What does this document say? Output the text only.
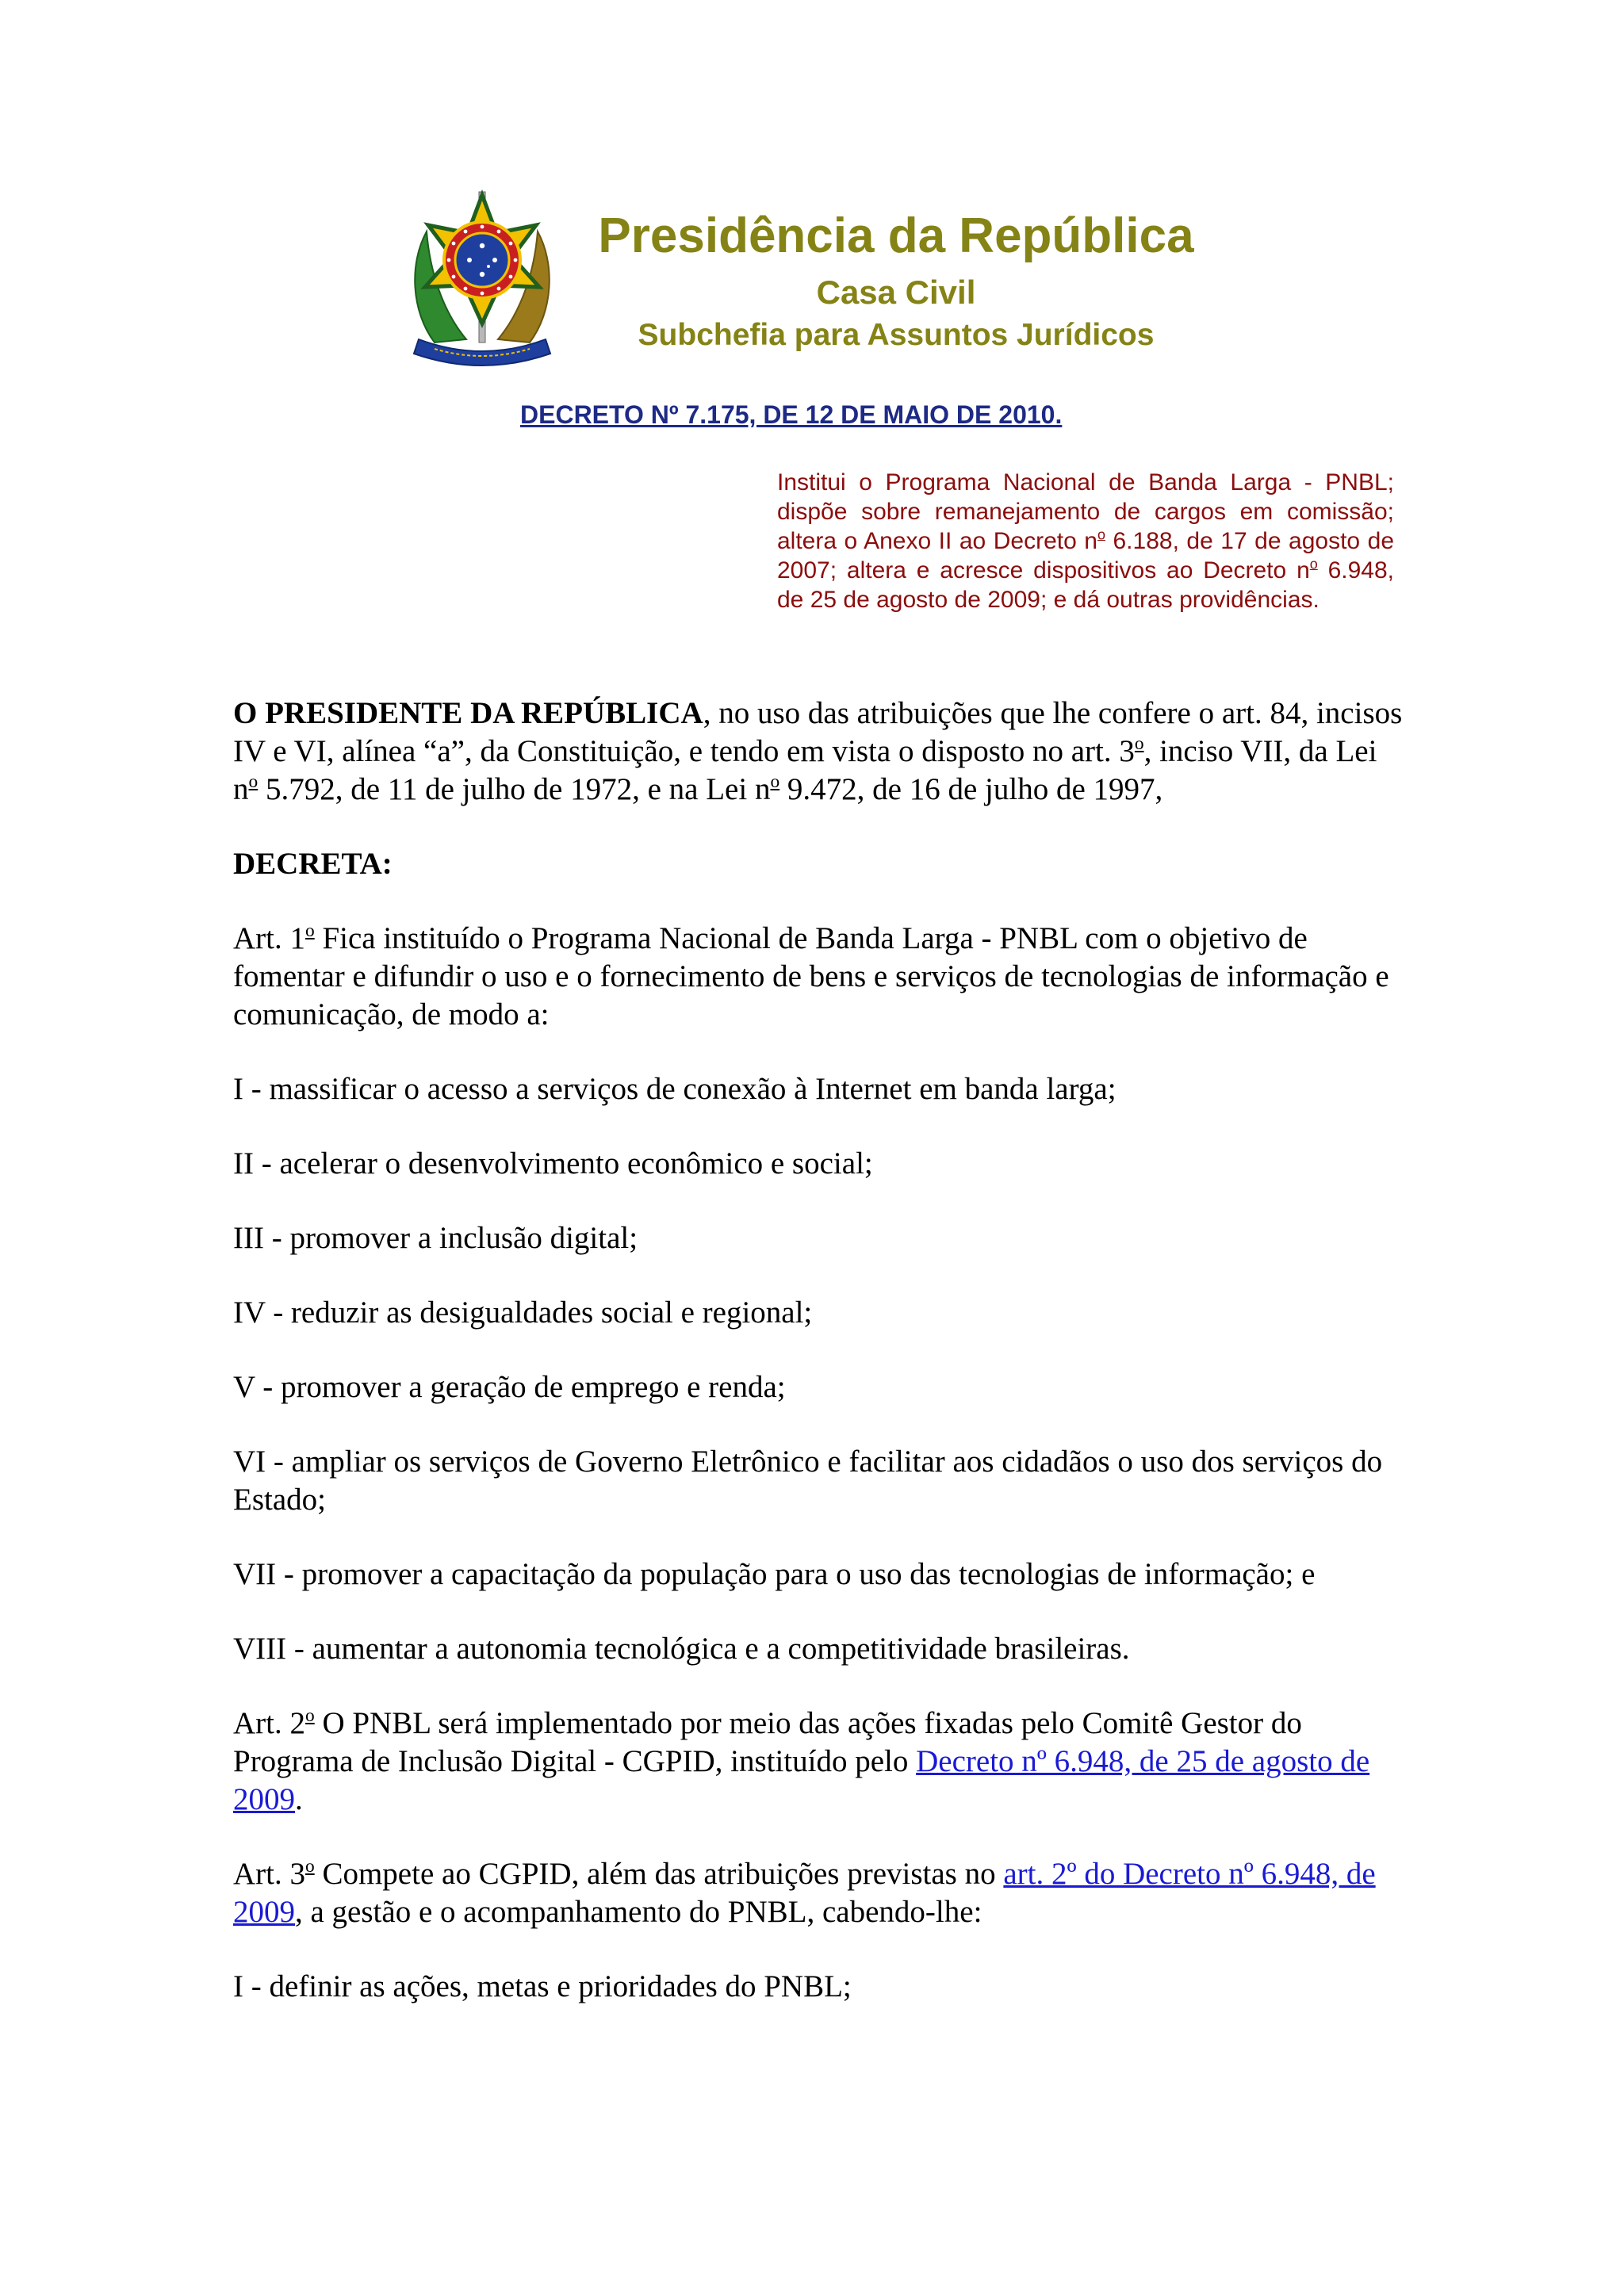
Presidência da República

Casa Civil

Subchefia para Assuntos Jurídicos

DECRETO Nº 7.175, DE 12 DE MAIO DE 2010.
Institui o Programa Nacional de Banda Larga - PNBL; dispõe sobre remanejamento de cargos em comissão; altera o Anexo II ao Decreto $n^o$ 6.188, de 17 de agosto de 2007; altera e acresce dispositivos ao Decreto $n^o$ 6.948, de 25 de agosto de 2009; e dá outras providências.

O PRESIDENTE DA REPÚBLICA, no uso das atribuições que lhe confere o art. 84, incisos IV e VI, alínea “a”, da Constituição, e tendo em vista o disposto no art. 3$^o$, inciso VII, da Lei $n^o$ 5.792, de 11 de julho de 1972, e na Lei $n^o$ 9.472, de 16 de julho de 1997,

DECRETA:

Art. 1$^o$ Fica instituído o Programa Nacional de Banda Larga - PNBL com o objetivo de fomentar e difundir o uso e o fornecimento de bens e serviços de tecnologias de informação e comunicação, de modo a:

I - massificar o acesso a serviços de conexão à Internet em banda larga;

II - acelerar o desenvolvimento econômico e social;

III - promover a inclusão digital;

IV - reduzir as desigualdades social e regional;

V - promover a geração de emprego e renda;

VI - ampliar os serviços de Governo Eletrônico e facilitar aos cidadãos o uso dos serviços do Estado;

VII - promover a capacitação da população para o uso das tecnologias de informação; e

VIII - aumentar a autonomia tecnológica e a competitividade brasileiras.

Art. 2$^o$ O PNBL será implementado por meio das ações fixadas pelo Comitê Gestor do Programa de Inclusão Digital - CGPID, instituído pelo Decreto nº 6.948, de 25 de agosto de 2009.

Art. 3$^o$ Compete ao CGPID, além das atribuições previstas no art. 2º do Decreto nº 6.948, de 2009, a gestão e o acompanhamento do PNBL, cabendo-lhe:

I - definir as ações, metas e prioridades do PNBL;
